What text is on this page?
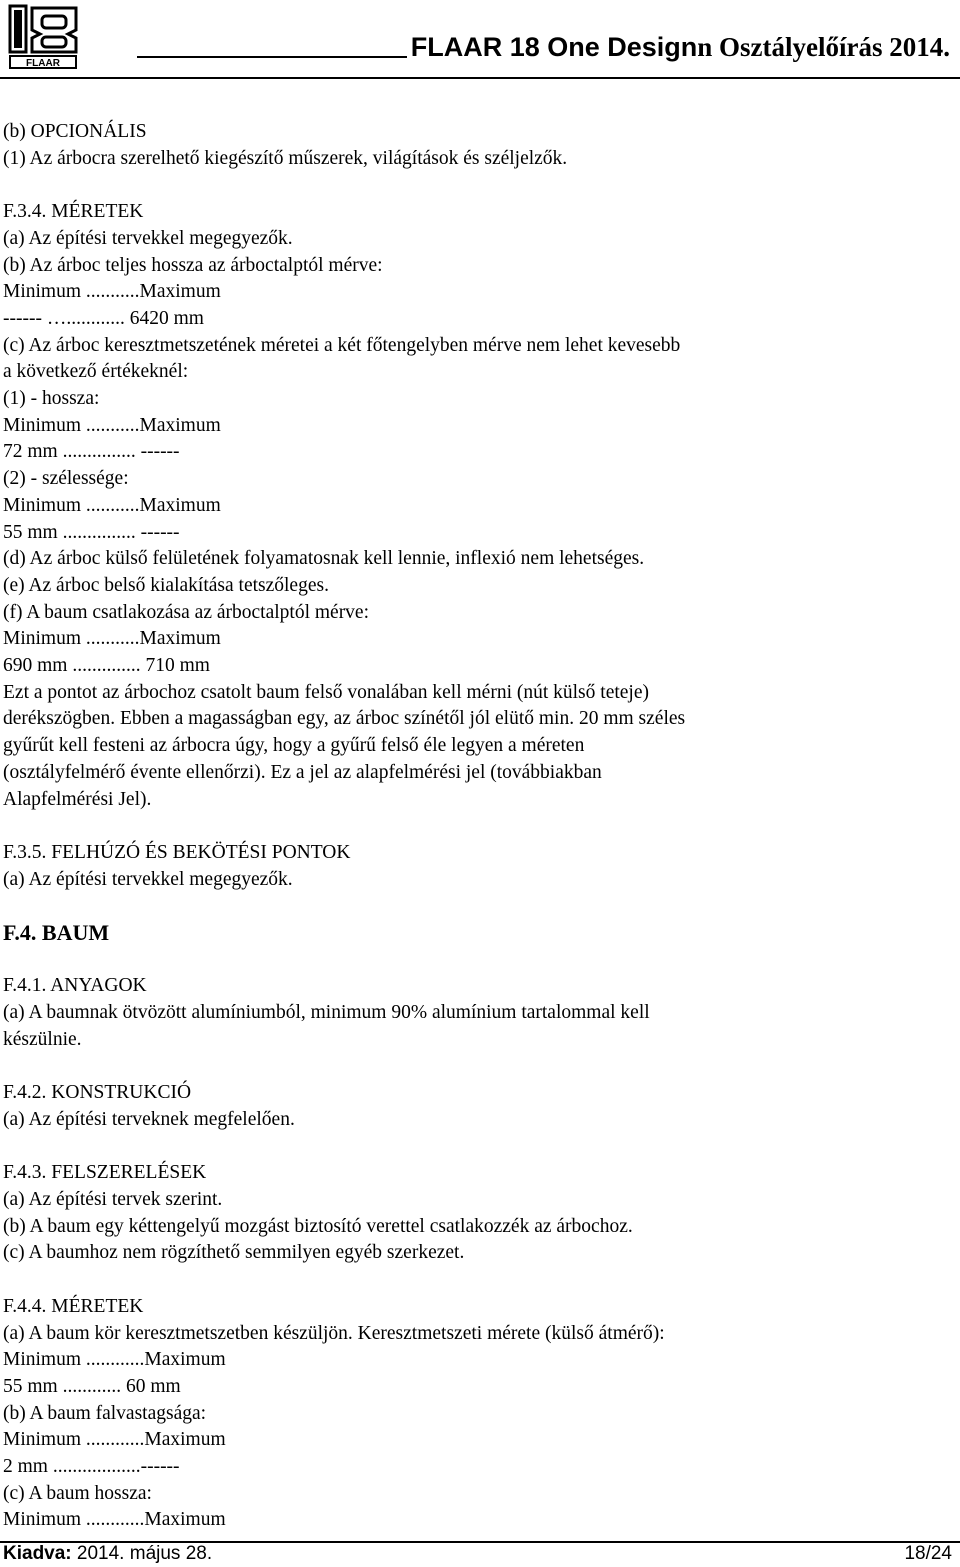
FLAAR
FLAAR 18 One Designn Osztályelőírás 2014.
(b) OPCIONÁLIS
(1) Az árbocra szerelhető kiegészítő műszerek, világítások és széljelzők.
F.3.4. MÉRETEK
(a) Az építési tervekkel megegyezők.
(b) Az árboc teljes hossza az árboctalptól mérve:
Minimum ...........Maximum
------ …............ 6420 mm
(c) Az árboc keresztmetszetének méretei a két főtengelyben mérve nem lehet kevesebb
a következő értékeknél:
(1) - hossza:
Minimum ...........Maximum
72 mm ............... ------
(2) - szélessége:
Minimum ...........Maximum
55 mm ............... ------
(d) Az árboc külső felületének folyamatosnak kell lennie, inflexió nem lehetséges.
(e) Az árboc belső kialakítása tetszőleges.
(f) A baum csatlakozása az árboctalptól mérve:
Minimum ...........Maximum
690 mm .............. 710 mm
Ezt a pontot az árbochoz csatolt baum felső vonalában kell mérni (nút külső teteje)
derékszögben. Ebben a magasságban egy, az árboc színétől jól elütő min. 20 mm széles
gyűrűt kell festeni az árbocra úgy, hogy a gyűrű felső éle legyen a méreten
(osztályfelmérő évente ellenőrzi). Ez a jel az alapfelmérési jel (továbbiakban
Alapfelmérési Jel).
F.3.5. FELHÚZÓ ÉS BEKÖTÉSI PONTOK
(a) Az építési tervekkel megegyezők.
F.4. BAUM
F.4.1. ANYAGOK
(a) A baumnak ötvözött alumíniumból, minimum 90% alumínium tartalommal kell
készülnie.
F.4.2. KONSTRUKCIÓ
(a) Az építési terveknek megfelelően.
F.4.3. FELSZERELÉSEK
(a) Az építési tervek szerint.
(b) A baum egy kéttengelyű mozgást biztosító verettel csatlakozzék az árbochoz.
(c) A baumhoz nem rögzíthető semmilyen egyéb szerkezet.
F.4.4. MÉRETEK
(a) A baum kör keresztmetszetben készüljön. Keresztmetszeti mérete (külső átmérő):
Minimum ............Maximum
55 mm ............ 60 mm
(b) A baum falvastagsága:
Minimum ............Maximum
2 mm ..................------
(c) A baum hossza:
Minimum ............Maximum
Kiadva: 2014. május 28.	18/24
